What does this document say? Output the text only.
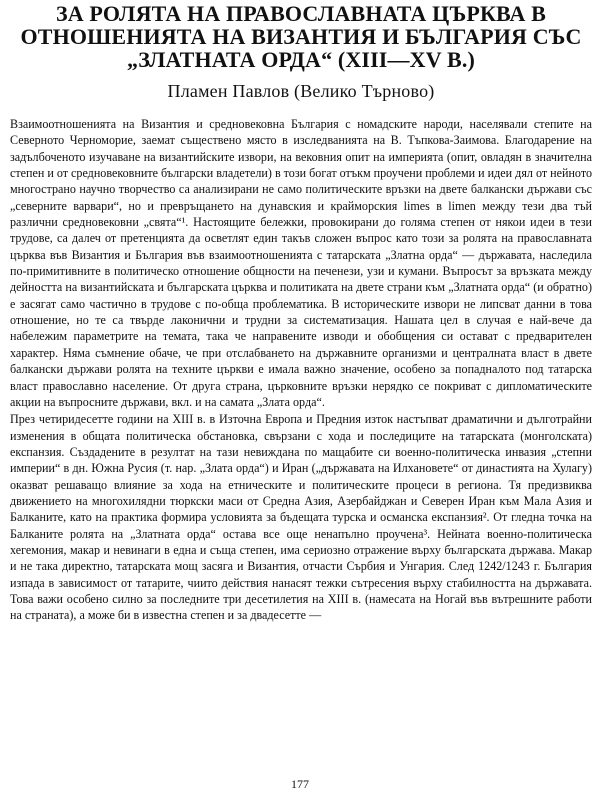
ЗА РОЛЯТА НА ПРАВОСЛАВНАТА ЦЪРКВА В ОТНОШЕНИЯТА НА ВИЗАНТИЯ И БЪЛГАРИЯ СЪС „ЗЛАТНАТА ОРДА“ (XIII—XV В.)
Пламен Павлов (Велико Търново)

Взаимоотношенията на Византия и средновековна България с номадските народи, населявали степите на Северното Черноморие, заемат съществено място в изследванията на В. Тъпкова-Заимова. Благодарение на задълбоченото изучаване на византийските извори, на вековния опит на империята (опит, овладян в значителна степен и от средновековните български владетели) в този богат отъкм проучени проблеми и идеи дял от нейното многострано научно творчество са анализирани не само политическите връзки на двете балкански държави със „северните варвари“, но и превръщането на дунавския и крайморския limes в limen между тези два тъй различни средновековни „свята“¹. Настоящите бележки, провокирани до голяма степен от някои идеи в тези трудове, са далеч от претенцията да осветлят един такъв сложен въпрос като този за ролята на православната църква във Византия и България във взаимоотношенията с татарската „Златна орда“ — държавата, наследила по-примитивните в политическо отношение общности на печенези, узи и кумани. Въпросът за връзката между дейността на византийската и българската църква и политиката на двете страни към „Златната орда“ (и обратно) е засягат само частично в трудове с по-обща проблематика. В историческите извори не липсват данни в това отношение, но те са твърде лаконични и трудни за систематизация. Нашата цел в случая е най-вече да набележим параметрите на темата, така че направените изводи и обобщения си остават с предварителен характер. Няма съмнение обаче, че при отслабването на държавните организми и централната власт в двете балкански държави ролята на техните църкви е имала важно значение, особено за попадналото под татарска власт православно население. От друга страна, църковните връзки нерядко се покриват с дипломатическите акции на въпросните държави, вкл. и на самата „Злата орда“.

През четиридесетте години на XIII в. в Източна Европа и Предния изток настъпват драматични и дълготрайни изменения в общата политическа обстановка, свързани с хода и последиците на татарската (монголската) експанзия. Създадените в резултат на тази невиждана по мащабите си военно-политическа инвазия „степни империи“ в дн. Южна Русия (т. нар. „Злата орда“) и Иран („държавата на Илхановете“ от династията на Хулагу) оказват решаващо влияние за хода на етническите и политическите процеси в региона. Тя предизвиква движението на многохилядни тюркски маси от Средна Азия, Азербайджан и Северен Иран към Мала Азия и Балканите, като на практика формира условията за бъдещата турска и османска експанзия². От гледна точка на Балканите ролята на „Златната орда“ остава все още ненапълно проучена³. Нейната военно-политическа хегемония, макар и невинаги в една и съща степен, има сериозно отражение върху българската държава. Макар и не така директно, татарската мощ засяга и Византия, отчасти Сърбия и Унгария. След 1242/1243 г. България изпада в зависимост от татарите, чиито действия нанасят тежки сътресения върху стабилността на държавата. Това важи особено силно за последните три десетилетия на XIII в. (намесата на Ногай във вътрешните работи на страната), а може би в известна степен и за двадесетте —

177
